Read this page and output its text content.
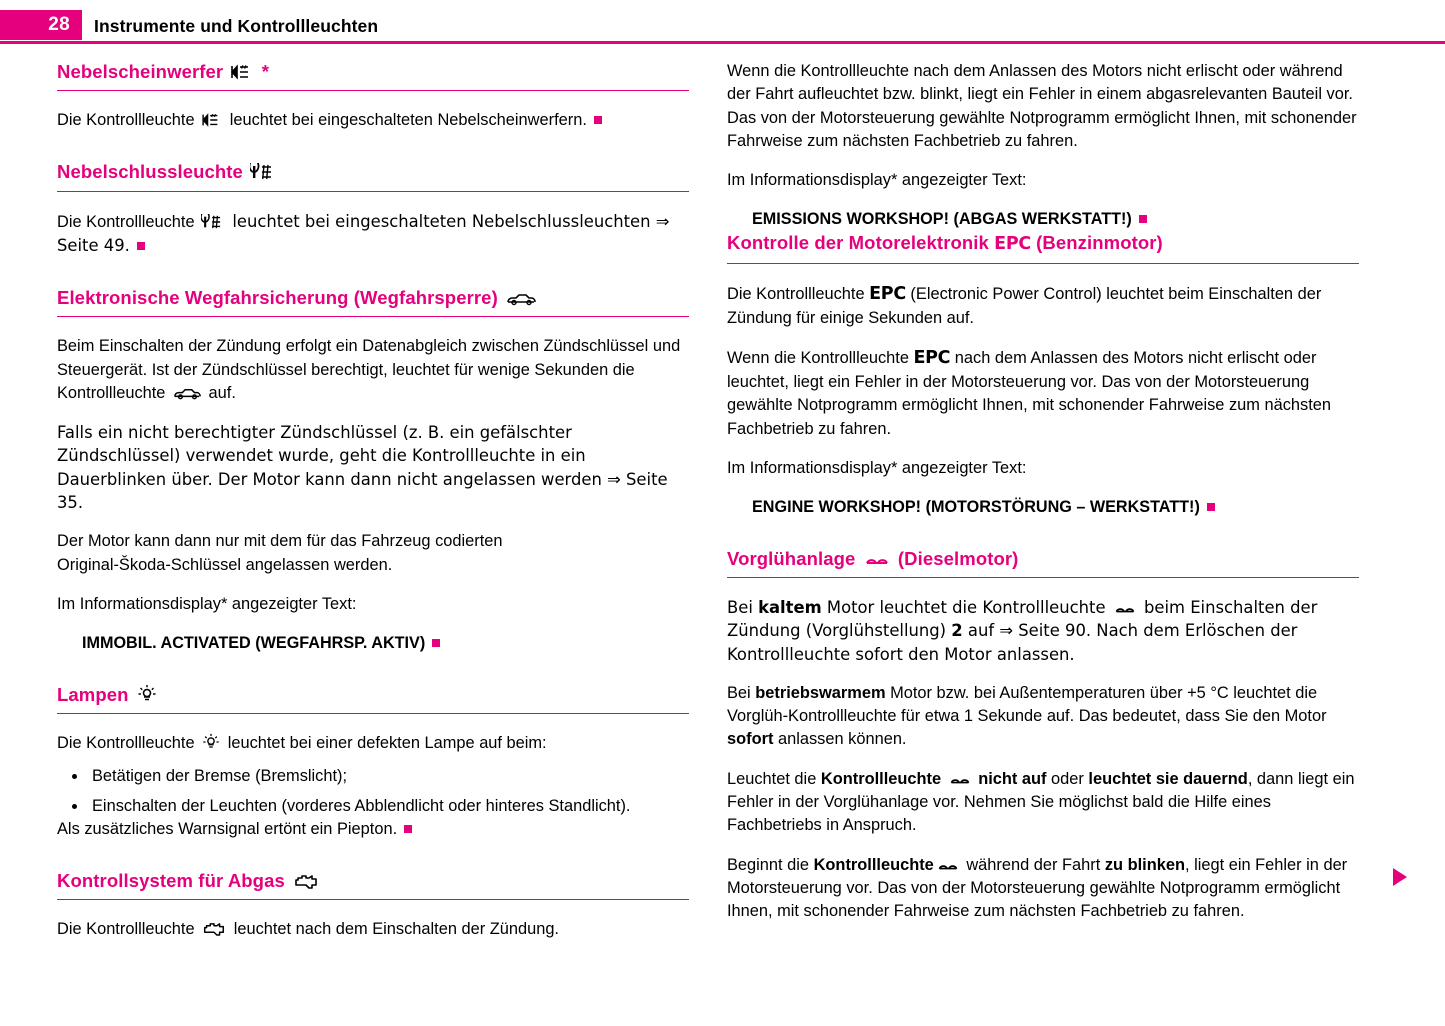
28 Instrumente und Kontrollleuchten
Nebelscheinwerfer *

Die Kontrollleuchte
leuchtet bei eingeschalteten Nebelscheinwerfern.

Nebelschlussleuchte

Die Kontrollleuchte
leuchtet bei eingeschalteten Nebelschlussleuchten ⇒ Seite 49.

Elektronische Wegfahrsicherung (Wegfahrsperre)

Beim Einschalten der Zündung erfolgt ein Datenabgleich zwischen Zündschlüssel und Steuergerät. Ist der Zündschlüssel berechtigt, leuchtet für wenige Sekunden die Kontrollleuchte
auf.

Falls ein nicht berechtigter Zündschlüssel (z. B. ein gefälschter Zündschlüssel) verwendet wurde, geht die Kontrollleuchte in ein Dauerblinken über. Der Motor kann dann nicht angelassen werden ⇒ Seite 35.

Der Motor kann dann nur mit dem für das Fahrzeug codierten Original‑Škoda‑Schlüssel angelassen werden.

Im Informationsdisplay* angezeigter Text:

IMMOBIL. ACTIVATED (WEGFAHRSP. AKTIV)

Lampen

Die Kontrollleuchte
leuchtet bei einer defekten Lampe auf beim:

Betätigen der Bremse (Bremslicht);
Einschalten der Leuchten (vorderes Abblendlicht oder hinteres Standlicht).

Als zusätzliches Warnsignal ertönt ein Piepton.

Kontrollsystem für Abgas

Die Kontrollleuchte
leuchtet nach dem Einschalten der Zündung.

Wenn die Kontrollleuchte nach dem Anlassen des Motors nicht erlischt oder während der Fahrt aufleuchtet bzw. blinkt, liegt ein Fehler in einem abgasrelevanten Bauteil vor. Das von der Motorsteuerung gewählte Notprogramm ermöglicht Ihnen, mit schonender Fahrweise zum nächsten Fachbetrieb zu fahren.

Im Informationsdisplay* angezeigter Text:

EMISSIONS WORKSHOP! (ABGAS WERKSTATT!)

Kontrolle der Motorelektronik EPC (Benzinmotor)

Die Kontrollleuchte EPC (Electronic Power Control) leuchtet beim Einschalten der Zündung für einige Sekunden auf.

Wenn die Kontrollleuchte EPC nach dem Anlassen des Motors nicht erlischt oder leuchtet, liegt ein Fehler in der Motorsteuerung vor. Das von der Motorsteuerung gewählte Notprogramm ermöglicht Ihnen, mit schonender Fahrweise zum nächsten Fachbetrieb zu fahren.

Im Informationsdisplay* angezeigter Text:

ENGINE WORKSHOP! (MOTORSTÖRUNG – WERKSTATT!)

Vorglühanlage
(Dieselmotor)

Bei kaltem Motor leuchtet die Kontrollleuchte
beim Einschalten der Zündung (Vorglühstellung) 2 auf ⇒ Seite 90. Nach dem Erlöschen der Kontrollleuchte sofort den Motor anlassen.

Bei betriebswarmem Motor bzw. bei Außentemperaturen über +5 °C leuchtet die Vorglüh‑Kontrollleuchte für etwa 1 Sekunde auf. Das bedeutet, dass Sie den Motor sofort anlassen können.

Leuchtet die Kontrollleuchte
nicht auf oder leuchtet sie dauernd, dann liegt ein Fehler in der Vorglühanlage vor. Nehmen Sie möglichst bald die Hilfe eines Fachbetriebs in Anspruch.

Beginnt die Kontrollleuchte
während der Fahrt zu blinken, liegt ein Fehler in der Motorsteuerung vor. Das von der Motorsteuerung gewählte Notprogramm ermöglicht Ihnen, mit schonender Fahrweise zum nächsten Fachbetrieb zu fahren.
